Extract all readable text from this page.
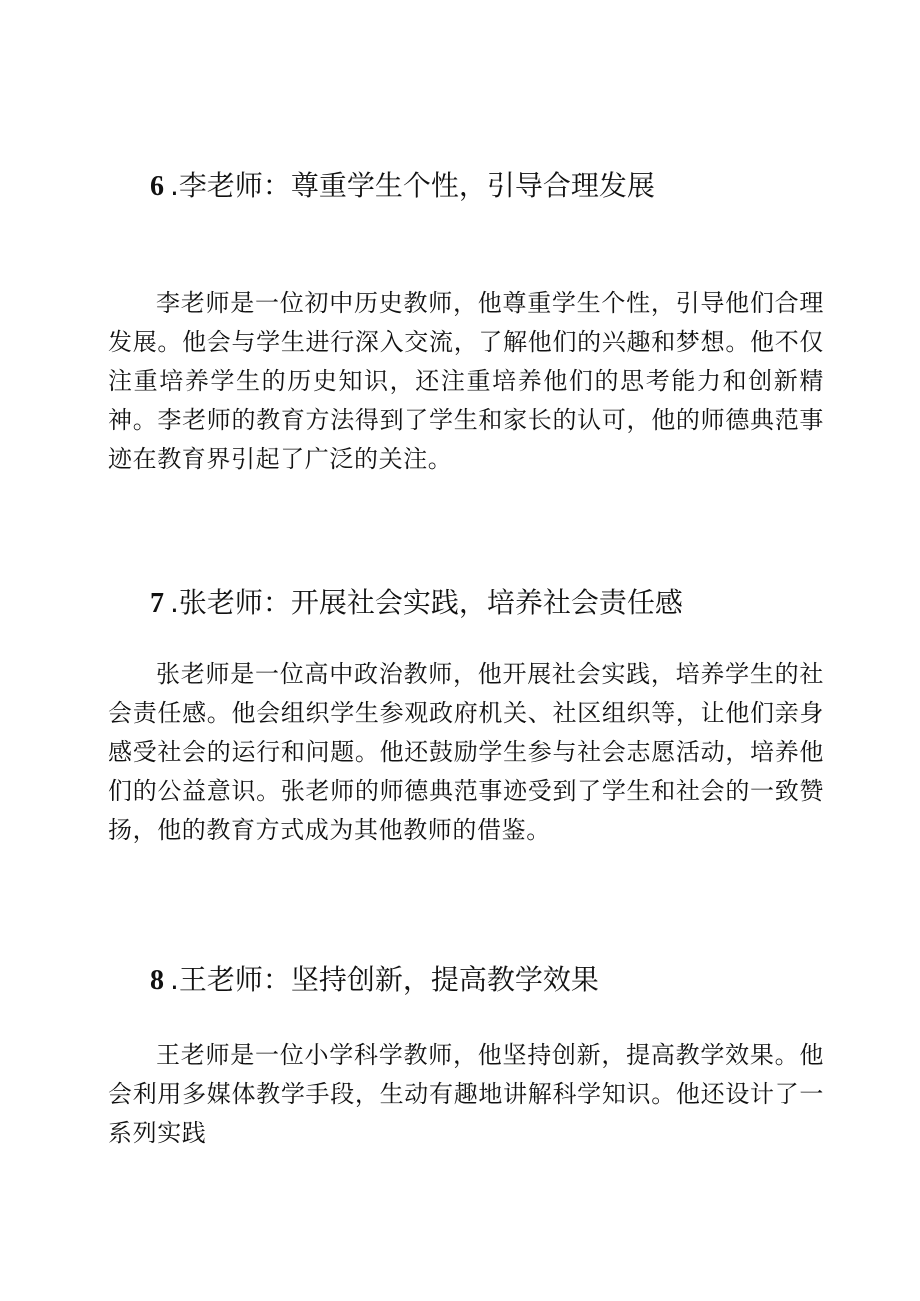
6 .李老师：尊重学生个性，引导合理发展

李老师是一位初中历史教师，他尊重学生个性，引导他们合理发展。他会与学生进行深入交流，了解他们的兴趣和梦想。他不仅注重培养学生的历史知识，还注重培养他们的思考能力和创新精神。李老师的教育方法得到了学生和家长的认可，他的师德典范事迹在教育界引起了广泛的关注。

7 .张老师：开展社会实践，培养社会责任感

张老师是一位高中政治教师，他开展社会实践，培养学生的社会责任感。他会组织学生参观政府机关、社区组织等，让他们亲身感受社会的运行和问题。他还鼓励学生参与社会志愿活动，培养他们的公益意识。张老师的师德典范事迹受到了学生和社会的一致赞扬，他的教育方式成为其他教师的借鉴。

8 .王老师：坚持创新，提高教学效果

王老师是一位小学科学教师，他坚持创新，提高教学效果。他会利用多媒体教学手段，生动有趣地讲解科学知识。他还设计了一系列实践
